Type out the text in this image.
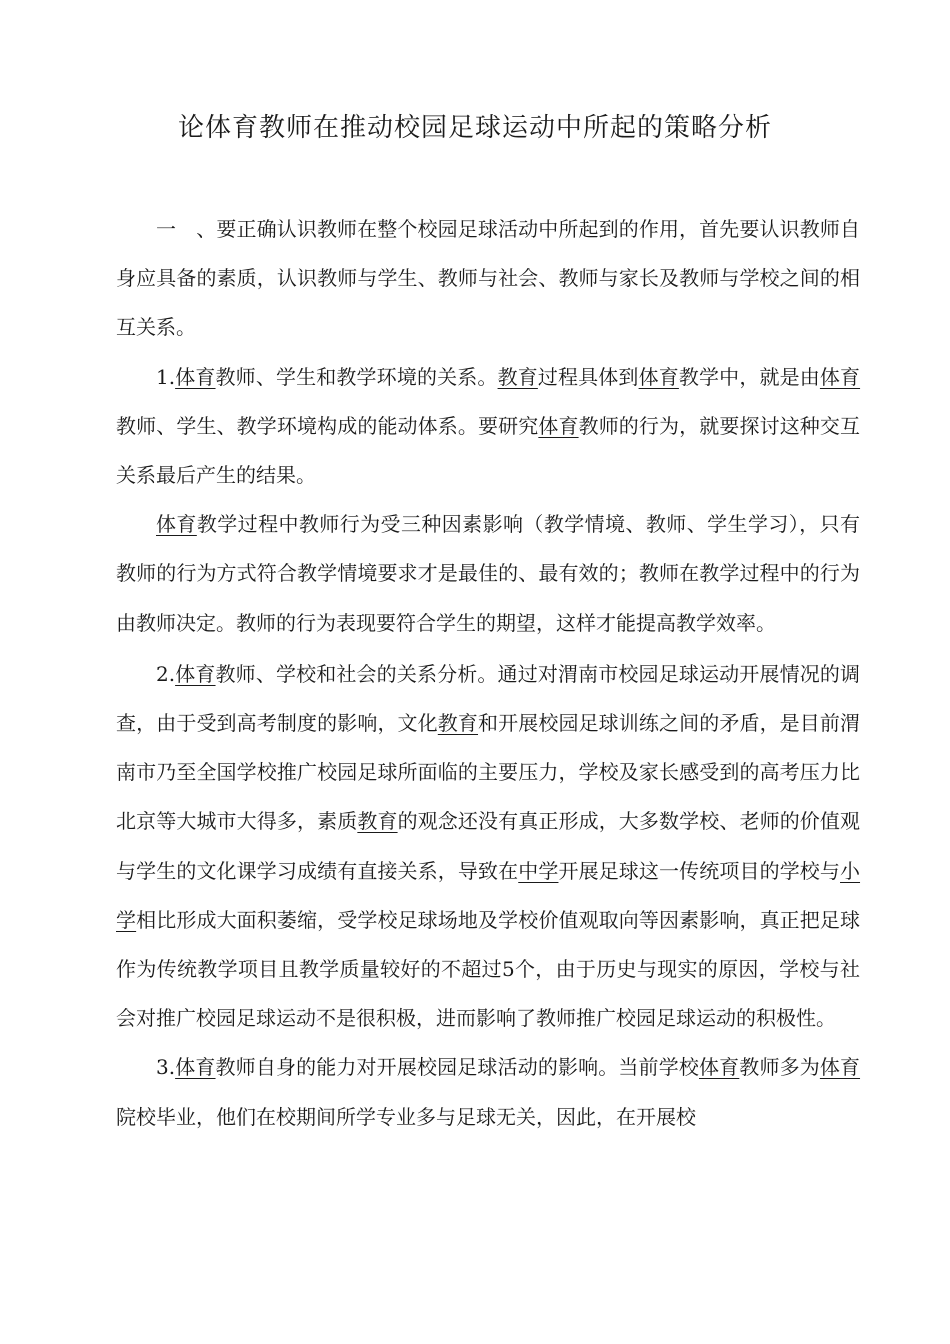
论体育教师在推动校园足球运动中所起的策略分析

一　、要正确认识教师在整个校园足球活动中所起到的作用，首先要认识教师自身应具备的素质，认识教师与学生、教师与社会、教师与家长及教师与学校之间的相互关系。

1.体育教师、学生和教学环境的关系。教育过程具体到体育教学中，就是由体育教师、学生、教学环境构成的能动体系。要研究体育教师的行为，就要探讨这种交互关系最后产生的结果。

体育教学过程中教师行为受三种因素影响（教学情境、教师、学生学习），只有教师的行为方式符合教学情境要求才是最佳的、最有效的；教师在教学过程中的行为由教师决定。教师的行为表现要符合学生的期望，这样才能提高教学效率。

2.体育教师、学校和社会的关系分析。通过对渭南市校园足球运动开展情况的调查，由于受到高考制度的影响，文化教育和开展校园足球训练之间的矛盾，是目前渭南市乃至全国学校推广校园足球所面临的主要压力，学校及家长感受到的高考压力比北京等大城市大得多，素质教育的观念还没有真正形成，大多数学校、老师的价值观与学生的文化课学习成绩有直接关系，导致在中学开展足球这一传统项目的学校与小学相比形成大面积萎缩，受学校足球场地及学校价值观取向等因素影响，真正把足球作为传统教学项目且教学质量较好的不超过5个，由于历史与现实的原因，学校与社会对推广校园足球运动不是很积极，进而影响了教师推广校园足球运动的积极性。

3.体育教师自身的能力对开展校园足球活动的影响。当前学校体育教师多为体育院校毕业，他们在校期间所学专业多与足球无关，因此，在开展校
